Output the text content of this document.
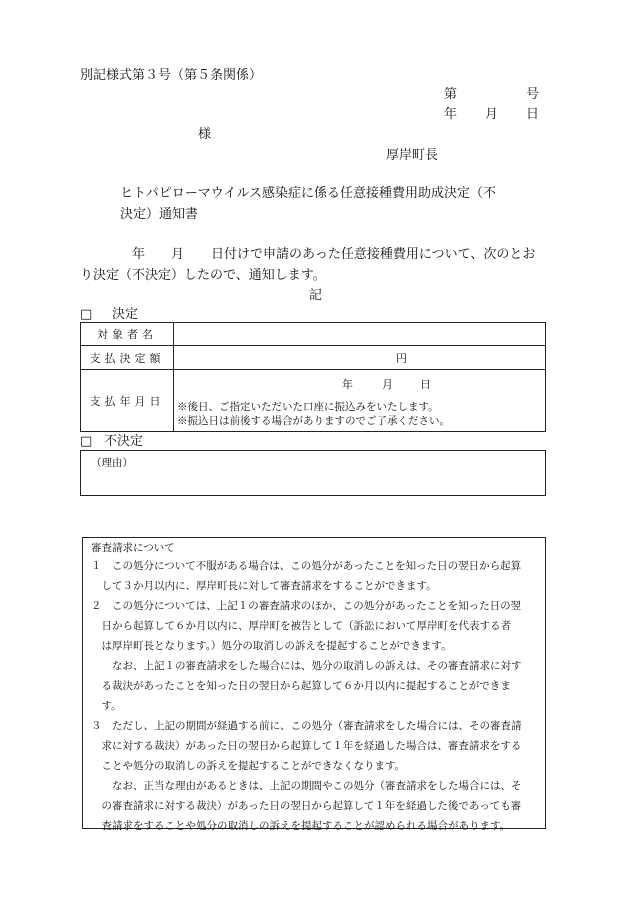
別記様式第３号（第５条関係）
第	号
年 月 日
様
厚岸町長
ヒトパピローマウイルス感染症に係る任意接種費用助成決定（不
決定）通知書
年 月 日付けで申請のあった任意接種費用について、次のとお
り決定（不決定）したので、通知します。
記
□ 決定
対象者名	
支払決定額	円
支払年月日	年 月 日
※後日、ご指定いただいた口座に振込みをいたします。
※振込日は前後する場合がありますのでご了承ください。
□ 不決定
（理由）

審査請求について

１　この処分について不服がある場合は、この処分があったことを知った日の翌日から起算

　して３か月以内に、厚岸町長に対して審査請求をすることができます。

２　この処分については、上記１の審査請求のほか、この処分があったことを知った日の翌

　日から起算して６か月以内に、厚岸町を被告として（訴訟において厚岸町を代表する者

　は厚岸町長となります。）処分の取消しの訴えを提起することができます。

　　なお、上記１の審査請求をした場合には、処分の取消しの訴えは、その審査請求に対す

　る裁決があったことを知った日の翌日から起算して６か月以内に提起することができま

　す。

３　ただし、上記の期間が経過する前に、この処分（審査請求をした場合には、その審査請

　求に対する裁決）があった日の翌日から起算して１年を経過した場合は、審査請求をする

　ことや処分の取消しの訴えを提起することができなくなります。

　　なお、正当な理由があるときは、上記の期間やこの処分（審査請求をした場合には、そ

　の審査請求に対する裁決）があった日の翌日から起算して１年を経過した後であっても審

　査請求をすることや処分の取消しの訴えを提起することが認められる場合があります。
